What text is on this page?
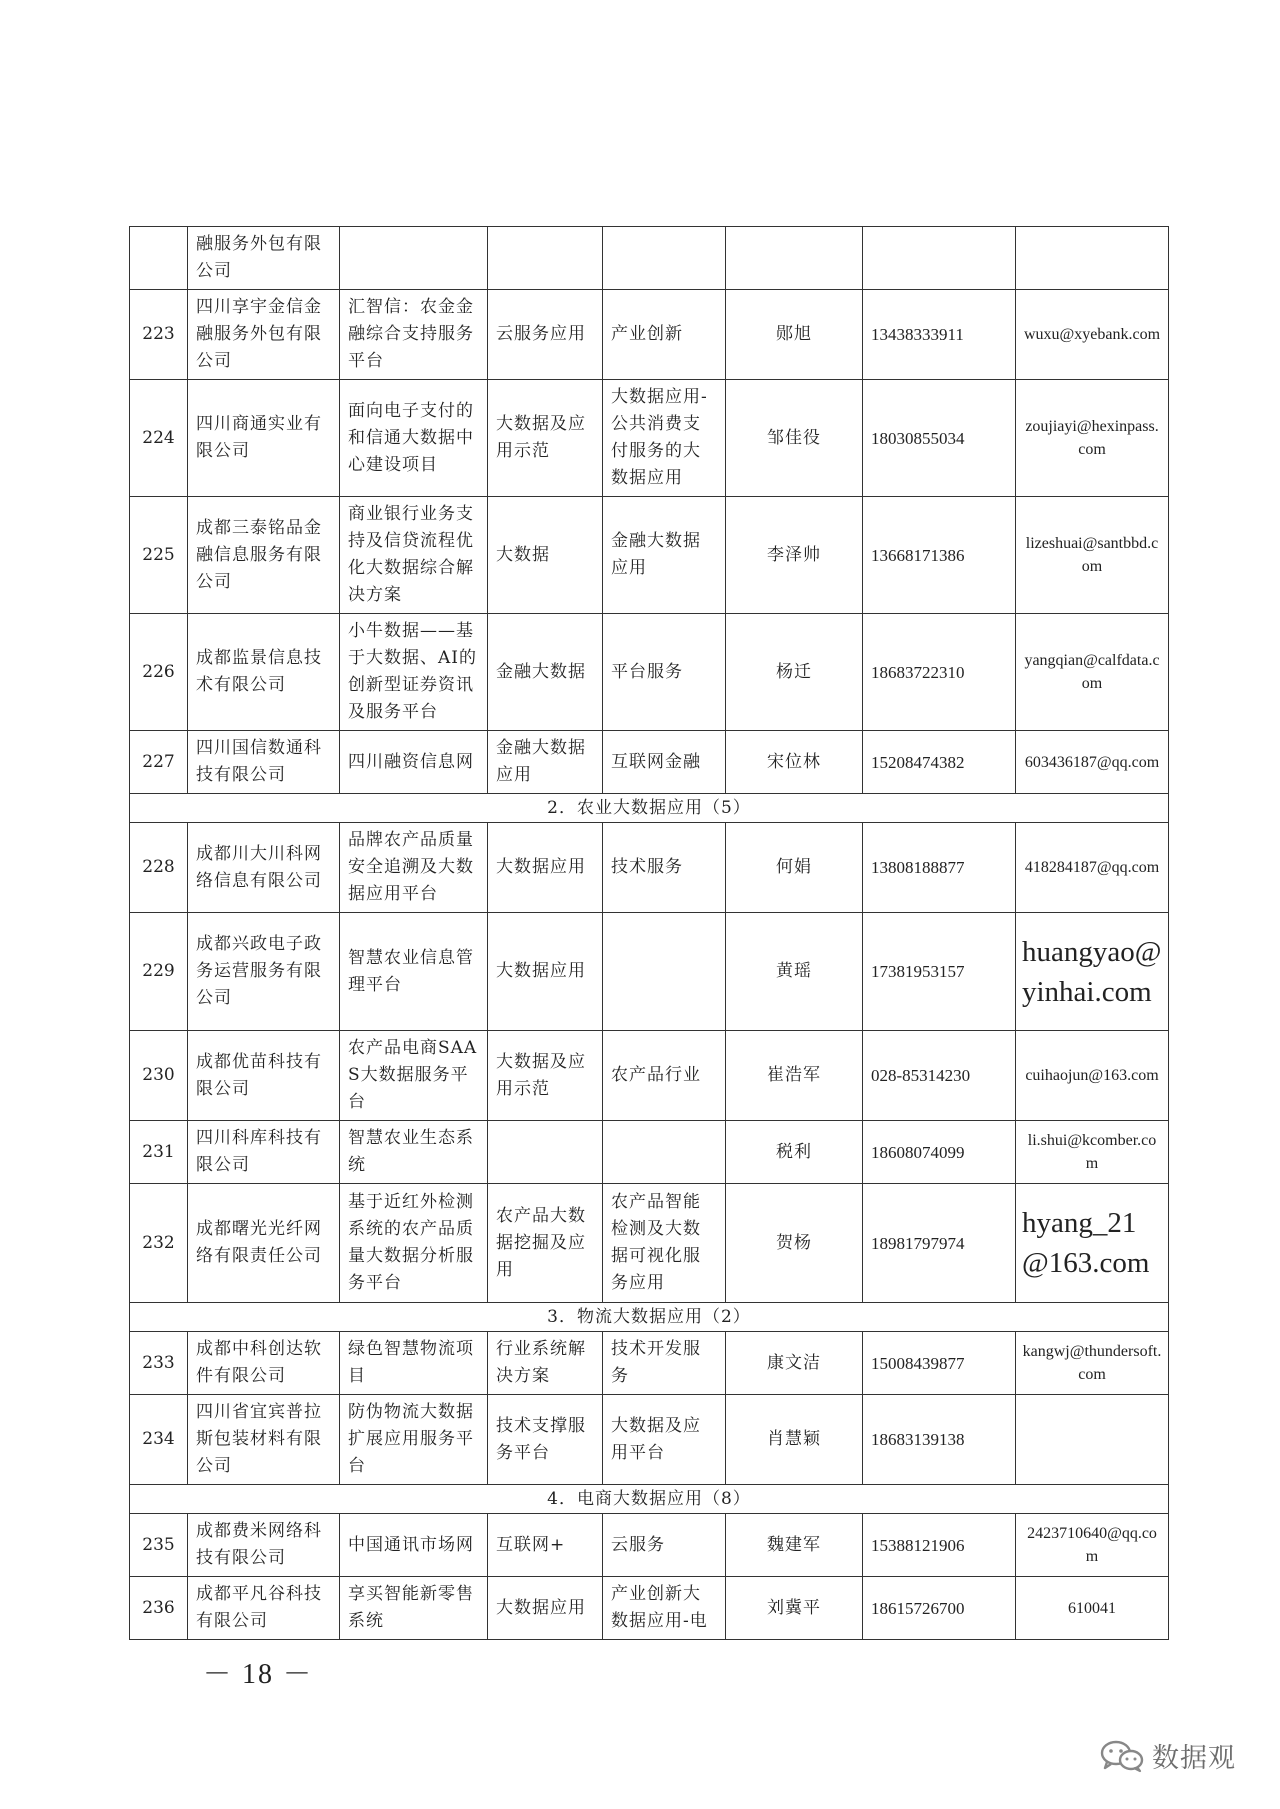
	融服务外包有限公司						
223	四川享宇金信金融服务外包有限公司	汇智信：农金金融综合支持服务平台	云服务应用	产业创新	郧旭	13438333911	wuxu@xyebank.com
224	四川商通实业有限公司	面向电子支付的和信通大数据中心建设项目	大数据及应用示范	大数据应用-公共消费支付服务的大数据应用	邹佳役	18030855034	zoujiayi@hexinpass.com
225	成都三泰铭品金融信息服务有限公司	商业银行业务支持及信贷流程优化大数据综合解决方案	大数据	金融大数据应用	李泽帅	13668171386	lizeshuai@santbbd.com
226	成都监景信息技术有限公司	小牛数据——基于大数据、AI的创新型证券资讯及服务平台	金融大数据	平台服务	杨迁	18683722310	yangqian@calfdata.com
227	四川国信数通科技有限公司	四川融资信息网	金融大数据应用	互联网金融	宋位林	15208474382	603436187@qq.com
2．农业大数据应用（5）							
228	成都川大川科网络信息有限公司	品牌农产品质量安全追溯及大数据应用平台	大数据应用	技术服务	何娟	13808188877	418284187@qq.com
229	成都兴政电子政务运营服务有限公司	智慧农业信息管理平台	大数据应用		黄瑶	17381953157	huangyao@yinhai.com
230	成都优苗科技有限公司	农产品电商SAAS大数据服务平台	大数据及应用示范	农产品行业	崔浩军	028-85314230	cuihaojun@163.com
231	四川科库科技有限公司	智慧农业生态系统			税利	18608074099	li.shui@kcomber.com
232	成都曙光光纤网络有限责任公司	基于近红外检测系统的农产品质量大数据分析服务平台	农产品大数据挖掘及应用	农产品智能检测及大数据可视化服务应用	贺杨	18981797974	hyang_21@163.com
3．物流大数据应用（2）							
233	成都中科创达软件有限公司	绿色智慧物流项目	行业系统解决方案	技术开发服务	康文洁	15008439877	kangwj@thundersoft.com
234	四川省宜宾普拉斯包装材料有限公司	防伪物流大数据扩展应用服务平台	技术支撑服务平台	大数据及应用平台	肖慧颖	18683139138	
4．电商大数据应用（8）							
235	成都费米网络科技有限公司	中国通讯市场网	互联网+	云服务	魏建军	15388121906	2423710640@qq.com
236	成都平凡谷科技有限公司	享买智能新零售系统	大数据应用	产业创新大数据应用-电	刘冀平	18615726700	610041
－ 18 －
数据观
